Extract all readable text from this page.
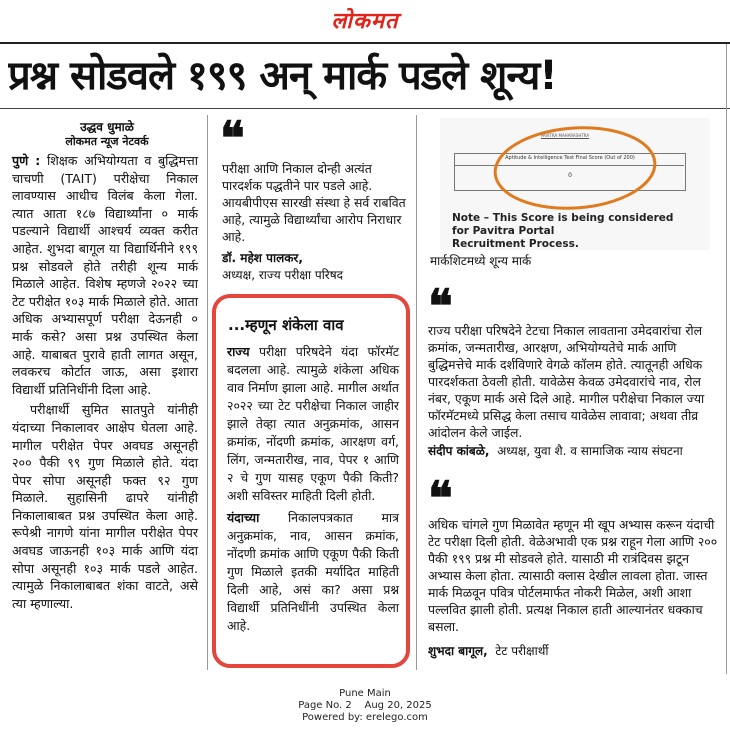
लोकमत
प्रश्न सोडवले १९९ अन् मार्क पडले शून्य!
उद्धव धुमाळे
लोकमत न्यूज नेटवर्क
पुणे : शिक्षक अभियोग्यता व बुद्धिमत्ता चाचणी (TAIT) परीक्षेचा निकाल लावण्यास आधीच विलंब केला गेला. त्यात आता १८७ विद्यार्थ्यांना ० मार्क पडल्याने विद्यार्थी आश्चर्य व्यक्त करीत आहेत. शुभदा बागूल या विद्यार्थिनीने १९९ प्रश्न सोडवले होते तरीही शून्य मार्क मिळाले आहेत. विशेष म्हणजे २०२२ च्या टेट परीक्षेत १०३ मार्क मिळाले होते. आता अधिक अभ्यासपूर्ण परीक्षा देऊनही ० मार्क कसे? असा प्रश्न उपस्थित केला आहे. याबाबत पुरावे हाती लागत असून, लवकरच कोर्टात जाऊ, असा इशारा विद्यार्थी प्रतिनिधींनी दिला आहे.
परीक्षार्थी सुमित सातपुते यांनीही यंदाच्या निकालावर आक्षेप घेतला आहे. मागील परीक्षेत पेपर अवघड असूनही २०० पैकी ९९ गुण मिळाले होते. यंदा पेपर सोपा असूनही फक्त ९२ गुण मिळाले. सुहासिनी ढापरे यांनीही निकालाबाबत प्रश्न उपस्थित केला आहे. रूपेश्री नागणे यांना मागील परीक्षेत पेपर अवघड जाऊनही १०३ मार्क आणि यंदा सोपा असूनही १०३ मार्क पडले आहेत. त्यामुळे निकालाबाबत शंका वाटते, असे त्या म्हणाल्या.
❝
परीक्षा आणि निकाल दोन्ही अत्यंत पारदर्शक पद्धतीने पार पडले आहे. आयबीपीएस सारखी संस्था हे सर्व राबवित आहे, त्यामुळे विद्यार्थ्यांचा आरोप निराधार आहे.
डॉ. महेश पालकर,
अध्यक्ष, राज्य परीक्षा परिषद
...म्हणून शंकेला वाव
राज्य परीक्षा परिषदेने यंदा फॉरमॅट बदलला आहे. त्यामुळे शंकेला अधिक वाव निर्माण झाला आहे. मागील अर्थात २०२२ च्या टेट परीक्षेचा निकाल जाहीर झाले तेव्हा त्यात अनुक्रमांक, आसन क्रमांक, नोंदणी क्रमांक, आरक्षण वर्ग, लिंग, जन्मतारीख, नाव, पेपर १ आणि २ चे गुण यासह एकूण पैकी किती? अशी सविस्तर माहिती दिली होती.
यंदाच्या निकालपत्रकात मात्र अनुक्रमांक, नाव, आसन क्रमांक, नोंदणी क्रमांक आणि एकूण पैकी किती गुण मिळाले इतकी मर्यादित माहिती दिली आहे, असं का? असा प्रश्न विद्यार्थी प्रतिनिधींनी उपस्थित केला आहे.
PAVITRA MAHARASHTRA
Aptitude & Intelligence Test Final Score (Out of 200)
0
Note – This Score is being considered for Pavitra Portal
Recruitment Process.

मार्कशिटमध्ये शून्य मार्क
❝
राज्य परीक्षा परिषदेने टेटचा निकाल लावताना उमेदवारांचा रोल क्रमांक, जन्मतारीख, आरक्षण, अभियोग्यतेचे मार्क आणि बुद्धिमत्तेचे मार्क दर्शविणारे वेगळे कॉलम होते. त्यातूनही अधिक पारदर्शकता ठेवली होती. यावेळेस केवळ उमेदवारांचे नाव, रोल नंबर, एकूण मार्क असे दिले आहे. मागील परीक्षेचा निकाल ज्या फॉरमॅटमध्ये प्रसिद्ध केला तसाच यावेळेस लावावा; अथवा तीव्र आंदोलन केले जाईल.
संदीप कांबळे, अध्यक्ष, युवा शै. व सामाजिक न्याय संघटना
❝
अधिक चांगले गुण मिळावेत म्हणून मी खूप अभ्यास करून यंदाची टेट परीक्षा दिली होती. वेळेअभावी एक प्रश्न राहून गेला आणि २०० पैकी १९९ प्रश्न मी सोडवले होते. यासाठी मी रात्रंदिवस झटून अभ्यास केला होता. त्यासाठी क्लास देखील लावला होता. जास्त मार्क मिळवून पवित्र पोर्टलमार्फत नोकरी मिळेल, अशी आशा पल्लवित झाली होती. प्रत्यक्ष निकाल हाती आल्यानंतर धक्काच बसला.
शुभदा बागूल, टेट परीक्षार्थी
Pune Main
Page No. 2 Aug 20, 2025
Powered by: erelego.com
